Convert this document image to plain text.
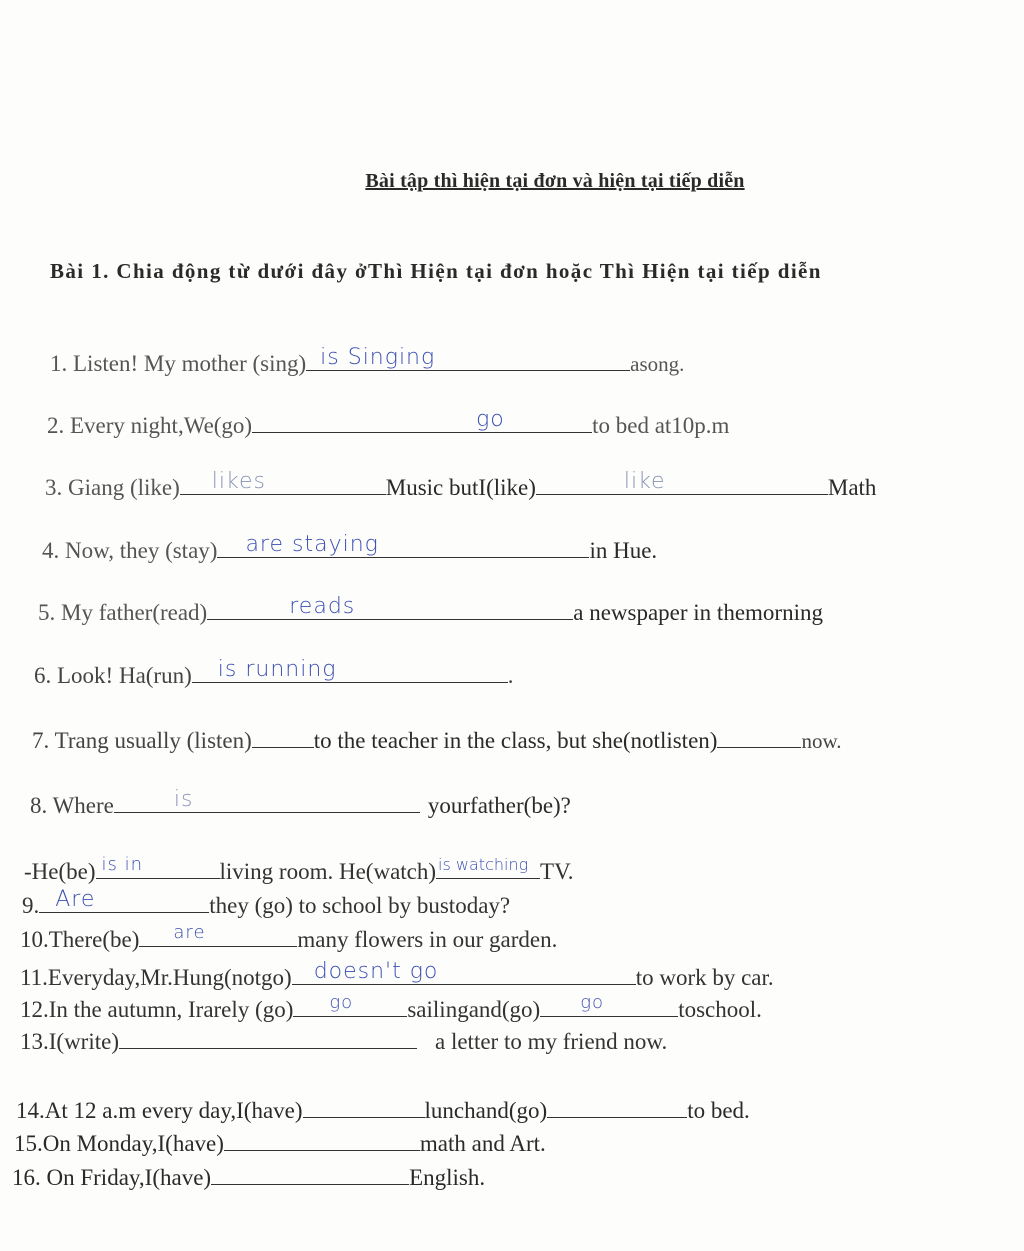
Bài tập thì hiện tại đơn và hiện tại tiếp diễn
Bài 1. Chia động từ dưới đây ởThì Hiện tại đơn hoặc Thì Hiện tại tiếp diễn
1. Listen! My mother (sing) is Singing	asong.
2. Every night,We(go)	go	to bed at10p.m
3. Giang (like) likes	Music butI(like)	like	Math
4. Now, they (stay) are staying	in Hue.
5. My father(read)	reads	a newspaper in themorning
6. Look! Ha(run) is running	.
7. Trang usually (listen)	to the teacher in the class, but she(notlisten)	now.
8. Where	is	yourfather(be)?
-He(be) is in	living room. He(watch) is watching TV.
9. Are	they (go) to school by bustoday?
10.There(be) are	many flowers in our garden.
11.Everyday,Mr.Hung(notgo) doesn't go	to work by car.
12.In the autumn, Irarely (go) go sailingand(go) go	toschool.
13.I(write)	a letter to my friend now.
14.At 12 a.m every day,I(have)	lunchand(go)	to bed.
15.On Monday,I(have)	math and Art.
16. On Friday,I(have)	English.
